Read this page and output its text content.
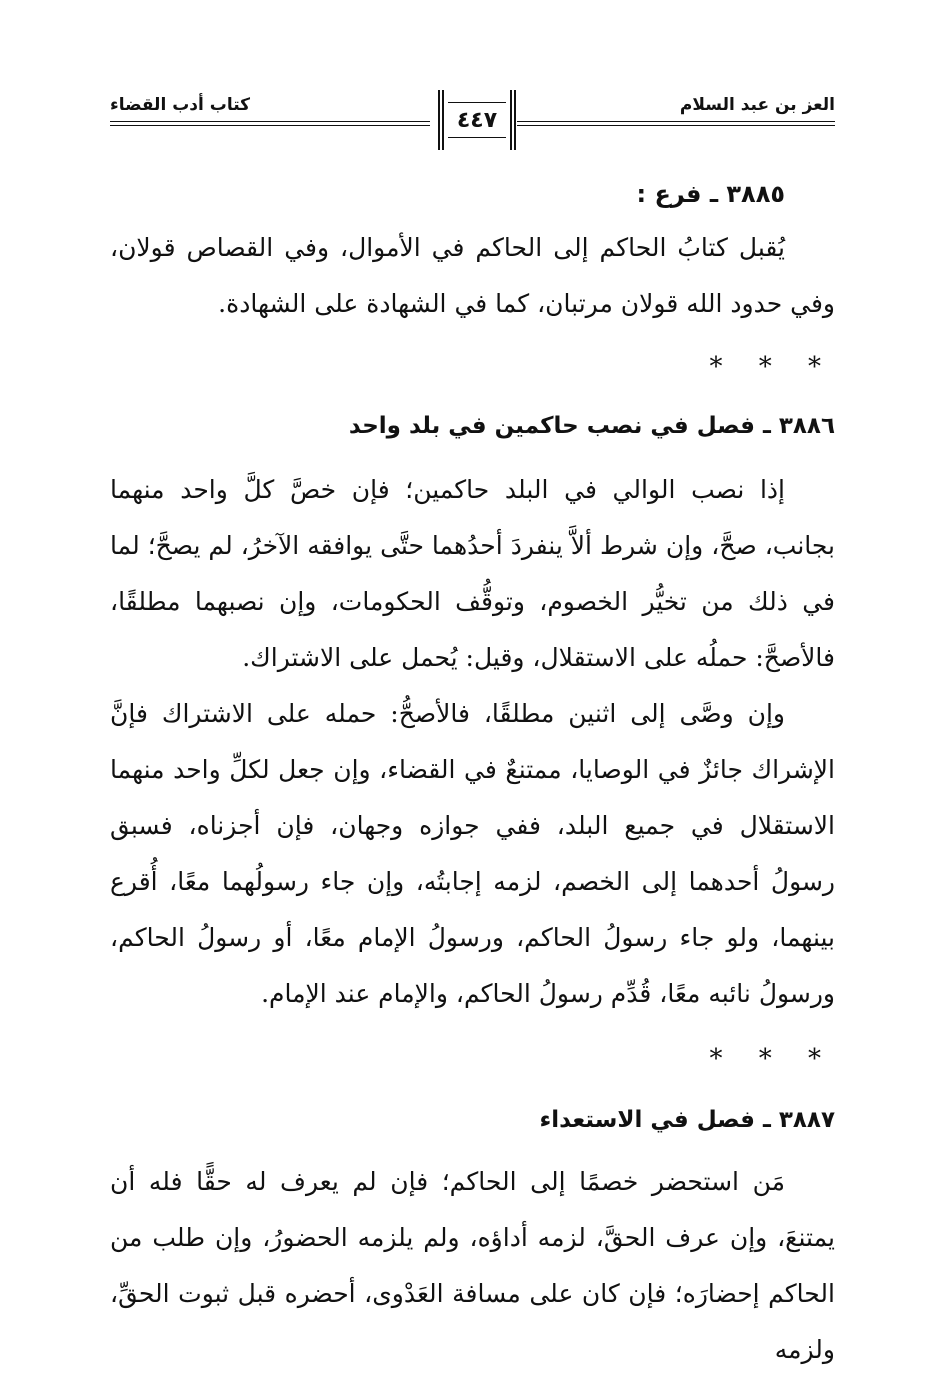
العز بن عبد السلام
٤٤٧
كتاب أدب القضاء

٣٨٨٥ ـ فرع :

يُقبل كتابُ الحاكم إلى الحاكم في الأموال، وفي القصاص قولان، وفي حدود الله قولان مرتبان، كما في الشهادة على الشهادة.

* * *

٣٨٨٦ ـ فصل في نصب حاكمين في بلد واحد

إذا نصب الوالي في البلد حاكمين؛ فإن خصَّ كلَّ واحد منهما بجانب، صحَّ، وإن شرط ألاَّ ينفردَ أحدُهما حتَّى يوافقه الآخرُ، لم يصحَّ؛ لما في ذلك من تخيُّر الخصوم، وتوقُّف الحكومات، وإن نصبهما مطلقًا، فالأصحَّ: حملُه على الاستقلال، وقيل: يُحمل على الاشتراك.

وإن وصَّى إلى اثنين مطلقًا، فالأصحُّ: حمله على الاشتراك فإنَّ الإشراك جائزٌ في الوصايا، ممتنعٌ في القضاء، وإن جعل لكلِّ واحد منهما الاستقلال في جميع البلد، ففي جوازه وجهان، فإن أجزناه، فسبق رسولُ أحدهما إلى الخصم، لزمه إجابتُه، وإن جاء رسولُهما معًا، أُقرع بينهما، ولو جاء رسولُ الحاكم، ورسولُ الإمام معًا، أو رسولُ الحاكم، ورسولُ نائبه معًا، قُدِّم رسولُ الحاكم، والإمام عند الإمام.

* * *

٣٨٨٧ ـ فصل في الاستعداء

مَن استحضر خصمًا إلى الحاكم؛ فإن لم يعرف له حقًّا فله أن يمتنعَ، وإن عرف الحقَّ، لزمه أداؤه، ولم يلزمه الحضورُ، وإن طلب من الحاكم إحضارَه؛ فإن كان على مسافة العَدْوى، أحضره قبل ثبوت الحقِّ، ولزمه
